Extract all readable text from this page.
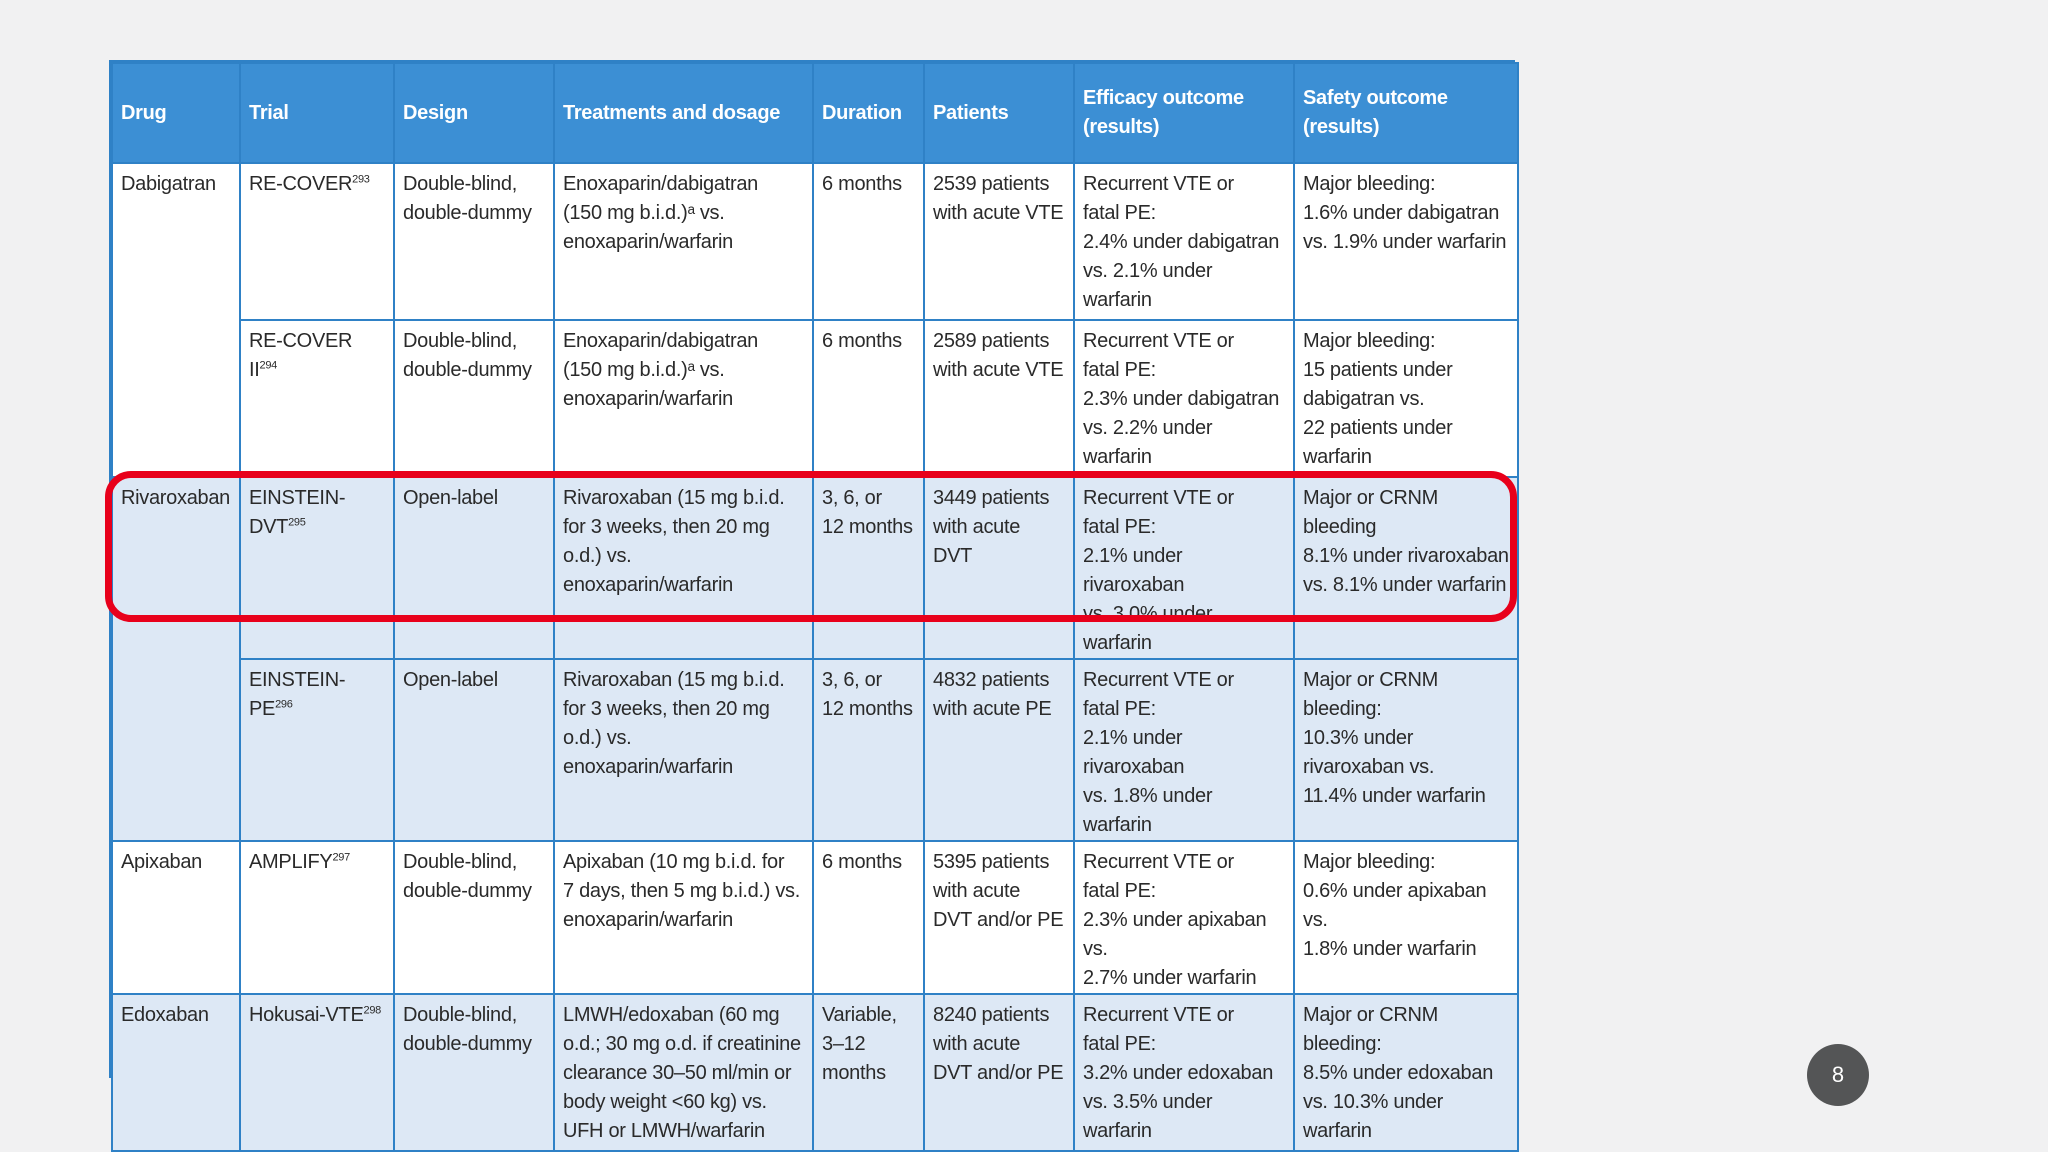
Drug	Trial	Design	Treatments and dosage	Duration	Patients	Efficacy outcome
(results)	Safety outcome
(results)

Dabigatran	RE-COVER$^{293}$	Double-blind,
double-dummy	Enoxaparin/dabigatran
(150 mg b.i.d.)ᵃ vs.
enoxaparin/warfarin	6 months	2539 patients
with acute VTE	Recurrent VTE or
fatal PE:
2.4% under dabigatran
vs. 2.1% under warfarin	Major bleeding:
1.6% under dabigatran
vs. 1.9% under warfarin

	RE-COVER II$^{294}$	Double-blind,
double-dummy	Enoxaparin/dabigatran
(150 mg b.i.d.)ᵃ vs.
enoxaparin/warfarin	6 months	2589 patients
with acute VTE	Recurrent VTE or
fatal PE:
2.3% under dabigatran
vs. 2.2% under warfarin	Major bleeding:
15 patients under
dabigatran vs.
22 patients under
warfarin

Rivaroxaban	EINSTEIN-
DVT$^{295}$	Open-label	Rivaroxaban (15 mg b.i.d.
for 3 weeks, then 20 mg
o.d.) vs. enoxaparin/warfarin	3, 6, or
12 months	3449 patients
with acute
DVT	Recurrent VTE or
fatal PE:
2.1% under rivaroxaban
vs. 3.0% under warfarin	Major or CRNM
bleeding
8.1% under rivaroxaban
vs. 8.1% under warfarin

	EINSTEIN-PE$^{296}$	Open-label	Rivaroxaban (15 mg b.i.d.
for 3 weeks, then 20 mg
o.d.) vs. enoxaparin/warfarin	3, 6, or
12 months	4832 patients
with acute PE	Recurrent VTE or
fatal PE:
2.1% under rivaroxaban
vs. 1.8% under warfarin	Major or CRNM
bleeding:
10.3% under
rivaroxaban vs.
11.4% under warfarin

Apixaban	AMPLIFY$^{297}$	Double-blind,
double-dummy	Apixaban (10 mg b.i.d. for
7 days, then 5 mg b.i.d.) vs.
enoxaparin/warfarin	6 months	5395 patients
with acute
DVT and/or PE	Recurrent VTE or
fatal PE:
2.3% under apixaban vs.
2.7% under warfarin	Major bleeding:
0.6% under apixaban vs.
1.8% under warfarin

Edoxaban	Hokusai-VTE$^{298}$	Double-blind,
double-dummy	LMWH/edoxaban (60 mg
o.d.; 30 mg o.d. if creatinine
clearance 30–50 ml/min or
body weight <60 kg) vs.
UFH or LMWH/warfarin	Variable,
3–12
months	8240 patients
with acute
DVT and/or PE	Recurrent VTE or
fatal PE:
3.2% under edoxaban
vs. 3.5% under warfarin	Major or CRNM
bleeding:
8.5% under edoxaban
vs. 10.3% under warfarin
8
